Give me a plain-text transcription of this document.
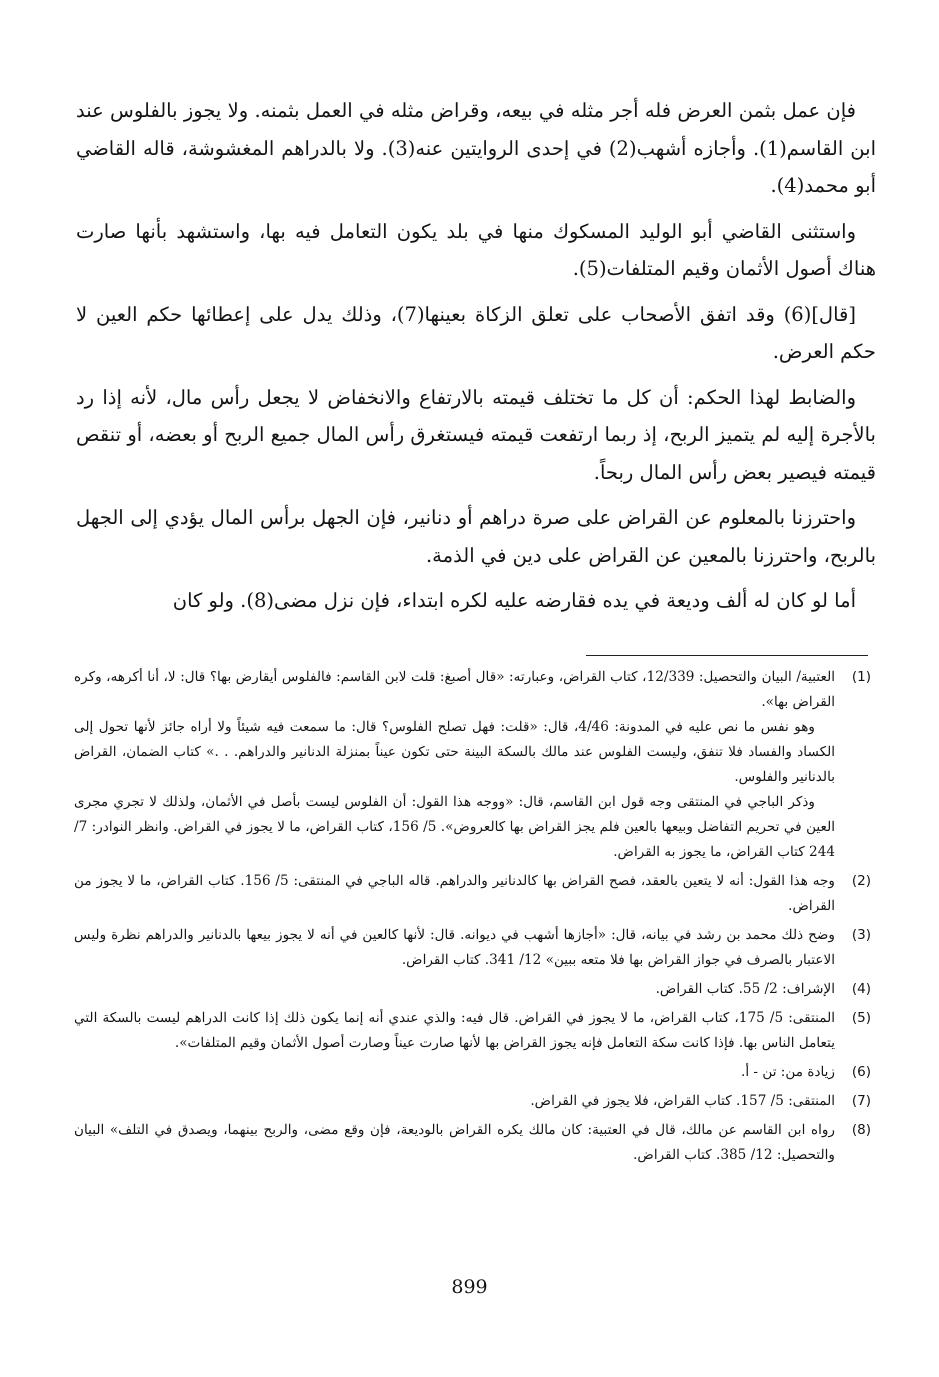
فإن عمل بثمن العرض فله أجر مثله في بيعه، وقراض مثله في العمل بثمنه. ولا يجوز بالفلوس عند ابن القاسم(1). وأجازه أشهب(2) في إحدى الروايتين عنه(3). ولا بالدراهم المغشوشة، قاله القاضي أبو محمد(4).

واستثنى القاضي أبو الوليد المسكوك منها في بلد يكون التعامل فيه بها، واستشهد بأنها صارت هناك أصول الأثمان وقيم المتلفات(5).

[قال](6) وقد اتفق الأصحاب على تعلق الزكاة بعينها(7)، وذلك يدل على إعطائها حكم العين لا حكم العرض.

والضابط لهذا الحكم: أن كل ما تختلف قيمته بالارتفاع والانخفاض لا يجعل رأس مال، لأنه إذا رد بالأجرة إليه لم يتميز الربح، إذ ربما ارتفعت قيمته فيستغرق رأس المال جميع الربح أو بعضه، أو تنقص قيمته فيصير بعض رأس المال ربحاً.

واحترزنا بالمعلوم عن القراض على صرة دراهم أو دنانير، فإن الجهل برأس المال يؤدي إلى الجهل بالربح، واحترزنا بالمعين عن القراض على دين في الذمة.

أما لو كان له ألف وديعة في يده فقارضه عليه لكره ابتداء، فإن نزل مضى(8). ولو كان

(1)

العتبية/ البيان والتحصيل: 12/339، كتاب القراض، وعبارته: «قال أصبغ: قلت لابن القاسم: فالفلوس أيقارض بها؟ قال: لا، أنا أكرهه، وكره القراض بها».

وهو نفس ما نص عليه في المدونة: 4/46، قال: «قلت: فهل تصلح الفلوس؟ قال: ما سمعت فيه شيئاً ولا أراه جائز لأنها تحول إلى الكساد والفساد فلا تنفق، وليست الفلوس عند مالك بالسكة البينة حتى تكون عيناً بمنزلة الدنانير والدراهم. . .» كتاب الضمان، القراض بالدنانير والفلوس.

وذكر الباجي في المنتقى وجه قول ابن القاسم، قال: «ووجه هذا القول: أن الفلوس ليست بأصل في الأثمان، ولذلك لا تجري مجرى العين في تحريم التفاضل وبيعها بالعين فلم يجز القراض بها كالعروض». 5/ 156، كتاب القراض، ما لا يجوز في القراض. وانظر النوادر: 7/ 244 كتاب القراض، ما يجوز به القراض.

(2)

وجه هذا القول: أنه لا يتعين بالعقد، فصح القراض بها كالدنانير والدراهم. قاله الباجي في المنتقى: 5/ 156. كتاب القراض، ما لا يجوز من القراض.

(3)

وضح ذلك محمد بن رشد في بيانه، قال: «أجازها أشهب في ديوانه. قال: لأنها كالعين في أنه لا يجوز بيعها بالدنانير والدراهم نظرة وليس الاعتبار بالصرف في جواز القراض بها فلا متعه ببين» 12/ 341. كتاب القراض.

(4)

الإشراف: 2/ 55. كتاب القراض.

(5)

المنتقى: 5/ 175، كتاب القراض، ما لا يجوز في القراض. قال فيه: والذي عندي أنه إنما يكون ذلك إذا كانت الدراهم ليست بالسكة التي يتعامل الناس بها. فإذا كانت سكة التعامل فإنه يجوز القراض بها لأنها صارت عيناً وصارت أصول الأثمان وقيم المتلفات».

(6)

زيادة من: تن - أ.

(7)

المنتقى: 5/ 157. كتاب القراض، فلا يجوز في القراض.

(8)

رواه ابن القاسم عن مالك، قال في العتبية: كان مالك يكره القراض بالوديعة، فإن وقع مضى، والربح بينهما، ويصدق في التلف» البيان والتحصيل: 12/ 385. كتاب القراض.

899
